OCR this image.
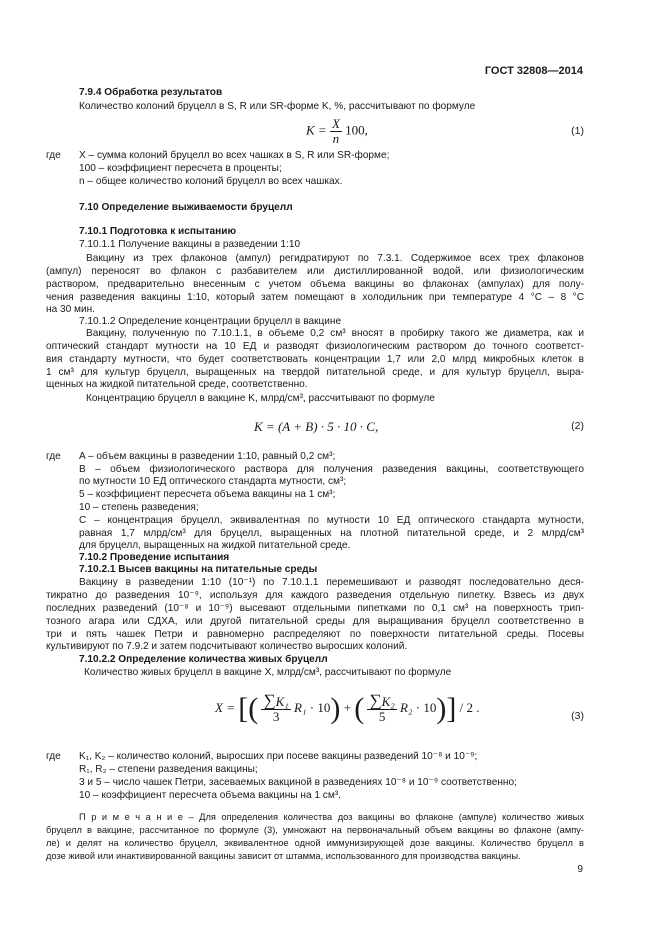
ГОСТ 32808—2014
7.9.4 Обработка результатов
Количество колоний бруцелл в S, R или SR-форме K, %, рассчитывают по формуле
$K = \frac{X}{n} 100$,	(1)
где X – сумма колоний бруцелл во всех чашках в S, R или SR-форме;
100 – коэффициент пересчета в проценты;
n – общее количество колоний бруцелл во всех чашках.
7.10 Определение выживаемости бруцелл
7.10.1 Подготовка к испытанию
7.10.1.1 Получение вакцины в разведении 1:10
Вакцину из трех флаконов (ампул) регидратируют по 7.3.1. Содержимое всех трех флаконов
(ампул) переносят во флакон с разбавителем или дистиллированной водой, или физиологическим
раствором, предварительно внесенным с учетом объема вакцины во флаконах (ампулах) для полу-
чения разведения вакцины 1:10, который затем помещают в холодильник при температуре 4 °С – 8 °С
на 30 мин.
7.10.1.2 Определение концентрации бруцелл в вакцине
Вакцину, полученную по 7.10.1.1, в объеме 0,2 см³ вносят в пробирку такого же диаметра, как и
оптический стандарт мутности на 10 ЕД и разводят физиологическим раствором до точного соответст-
вия стандарту мутности, что будет соответствовать концентрации 1,7 или 2,0 млрд микробных клеток в
1 см³ для культур бруцелл, выращенных на твердой питательной среде, и для культур бруцелл, выра-
щенных на жидкой питательной среде, соответственно.
Концентрацию бруцелл в вакцине K, млрд/см³, рассчитывают по формуле
K = (A + B) · 5 · 10 · C,	(2)
где A – объем вакцины в разведении 1:10, равный 0,2 см³;
B – объем физиологического раствора для получения разведения вакцины, соответствующего
по мутности 10 ЕД оптического стандарта мутности, см³;
5 – коэффициент пересчета объема вакцины на 1 см³;
10 – степень разведения;
C – концентрация бруцелл, эквивалентная по мутности 10 ЕД оптического стандарта мутности,
равная 1,7 млрд/см³ для бруцелл, выращенных на плотной питательной среде, и 2 млрд/см³
для бруцелл, выращенных на жидкой питательной среде.
7.10.2 Проведение испытания
7.10.2.1 Высев вакцины на питательные среды
Вакцину в разведении 1:10 (10⁻¹) по 7.10.1.1 перемешивают и разводят последовательно деся-
тикратно до разведения 10⁻⁹, используя для каждого разведения отдельную пипетку. Взвесь из двух
последних разведений (10⁻⁸ и 10⁻⁹) высевают отдельными пипетками по 0,1 см³ на поверхность трип-
тозного агара или СДХА, или другой питательной среды для выращивания бруцелл соответственно в
три и пять чашек Петри и равномерно распределяют по поверхности питательной среды. Посевы
культивируют по 7.9.2 и затем подсчитывают количество выросших колоний.
7.10.2.2 Определение количества живых бруцелл
Количество живых бруцелл в вакцине X, млрд/см³, рассчитывают по формуле
X = [( $\frac{\text{∑K₁}}{3} R_1 \cdot 10$) + ( $\frac{\text{∑K₂}}{5} R_2 \cdot 10)] / 2$ .
(3)
где K₁, K₂ – количество колоний, выросших при посеве вакцины разведений 10⁻⁸ и 10⁻⁹;
R₁, R₂ – степени разведения вакцины;
3 и 5 – число чашек Петри, засеваемых вакциной в разведениях 10⁻⁸ и 10⁻⁹ соответственно;
10 – коэффициент пересчета объема вакцины на 1 см³.
П р и м е ч а н и е – Для определения количества доз вакцины во флаконе (ампуле) количество живых
бруцелл в вакцине, рассчитанное по формуле (3), умножают на первоначальный объем вакцины во флаконе (ампу-
ле) и делят на количество бруцелл, эквивалентное одной иммунизирующей дозе вакцины. Количество бруцелл в
дозе живой или инактивированной вакцины зависит от штамма, использованного для производства вакцины.
9
